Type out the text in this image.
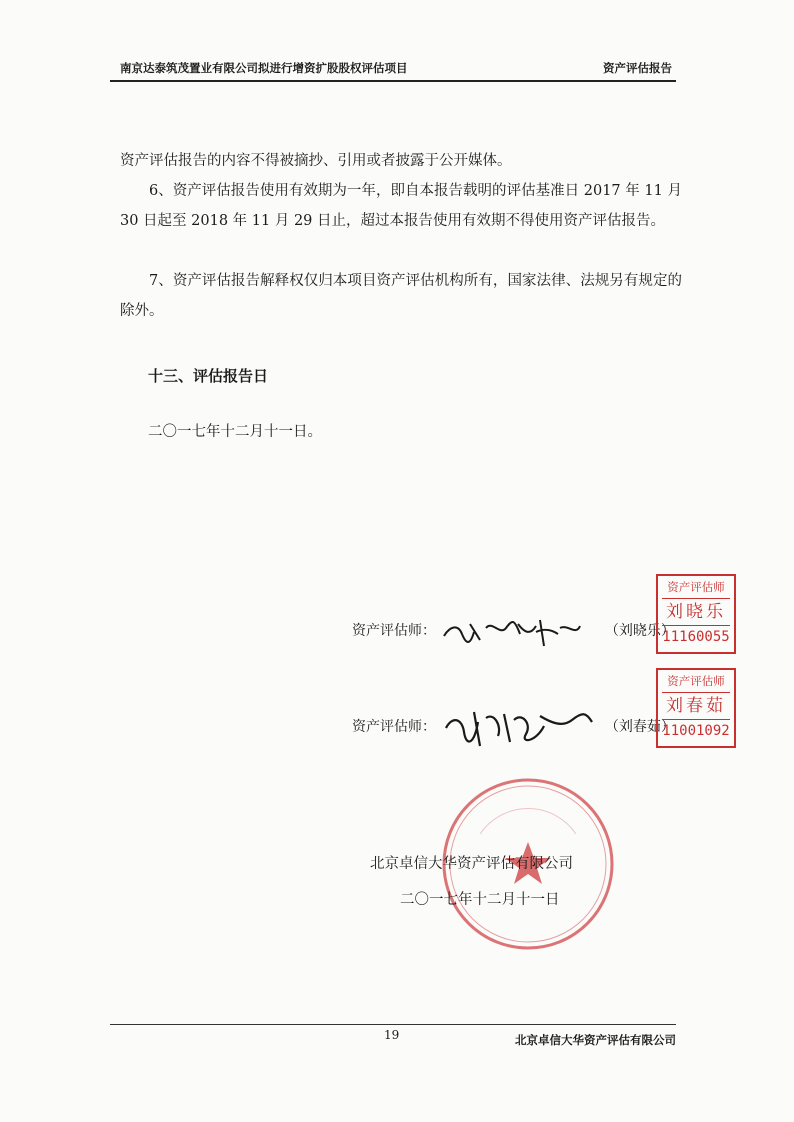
南京达泰筑茂置业有限公司拟进行增资扩股股权评估项目	资产评估报告
资产评估报告的内容不得被摘抄、引用或者披露于公开媒体。
6、资产评估报告使用有效期为一年，即自本报告载明的评估基准日 2017 年 11 月 30 日起至 2018 年 11 月 29 日止，超过本报告使用有效期不得使用资产评估报告。
7、资产评估报告解释权仅归本项目资产评估机构所有，国家法律、法规另有规定的除外。
十三、评估报告日
二〇一七年十二月十一日。
资产评估师：	（刘晓乐）
资产评估师
刘晓乐
11160055
资产评估师：	（刘春茹）
资产评估师
刘春茹
11001092
北京卓信大华资产评估有限公司
二〇一七年十二月十一日
19	北京卓信大华资产评估有限公司
